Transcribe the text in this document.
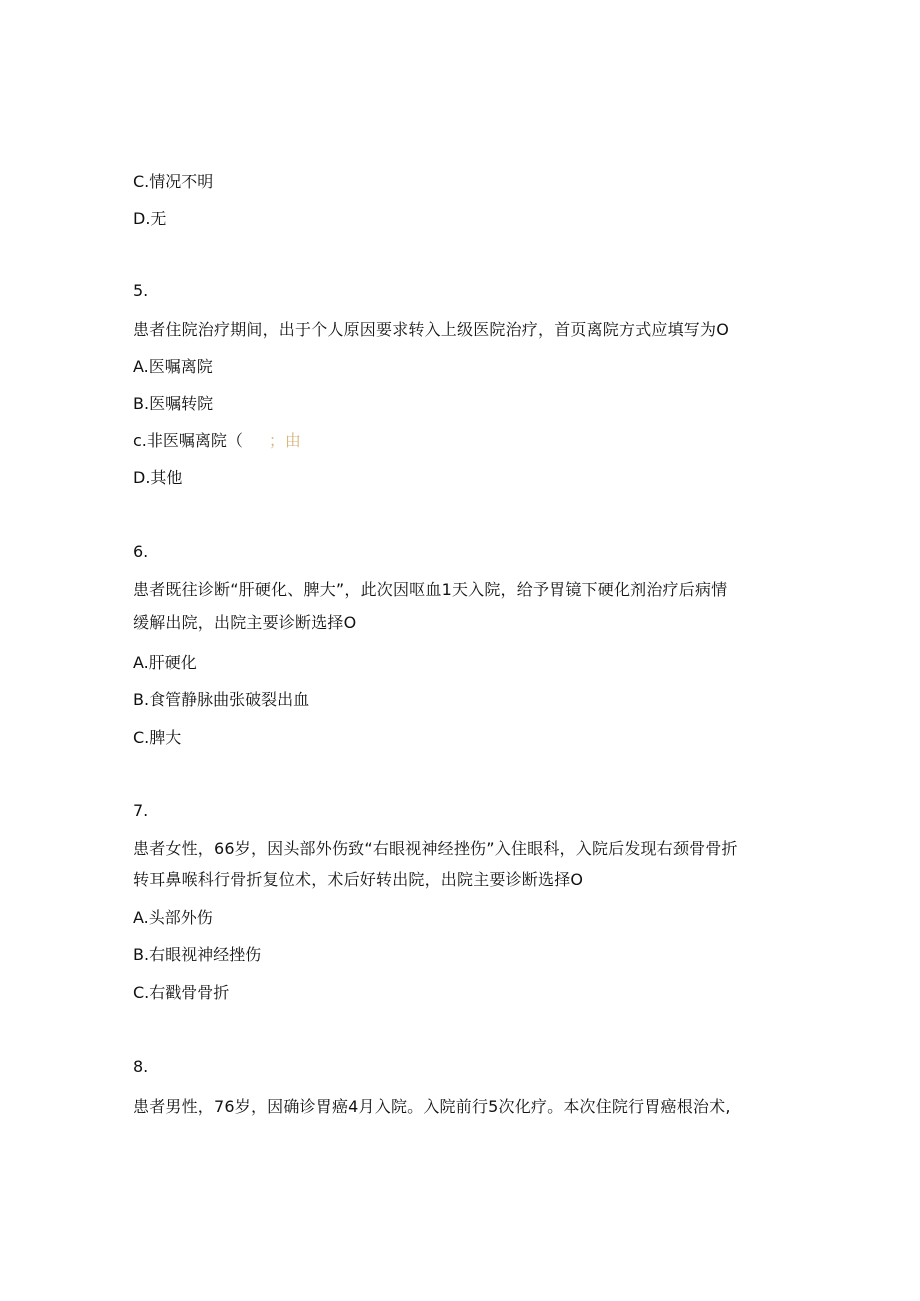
C.情况不明
D.无
5.
患者住院治疗期间，出于个人原因要求转入上级医院治疗，首页离院方式应填写为O
A.医嘱离院
B.医嘱转院
c.非医嘱离院（ ；由
D.其他
6.
患者既往诊断“肝硬化、脾大”，此次因呕血1天入院，给予胃镜下硬化剂治疗后病情
缓解出院，出院主要诊断选择O
A.肝硬化
B.食管静脉曲张破裂出血
C.脾大
7.
患者女性，66岁，因头部外伤致“右眼视神经挫伤”入住眼科，入院后发现右颈骨骨折
转耳鼻喉科行骨折复位术，术后好转出院，出院主要诊断选择O
A.头部外伤
B.右眼视神经挫伤
C.右戳骨骨折
8.
患者男性，76岁，因确诊胃癌4月入院。入院前行5次化疗。本次住院行胃癌根治术,
